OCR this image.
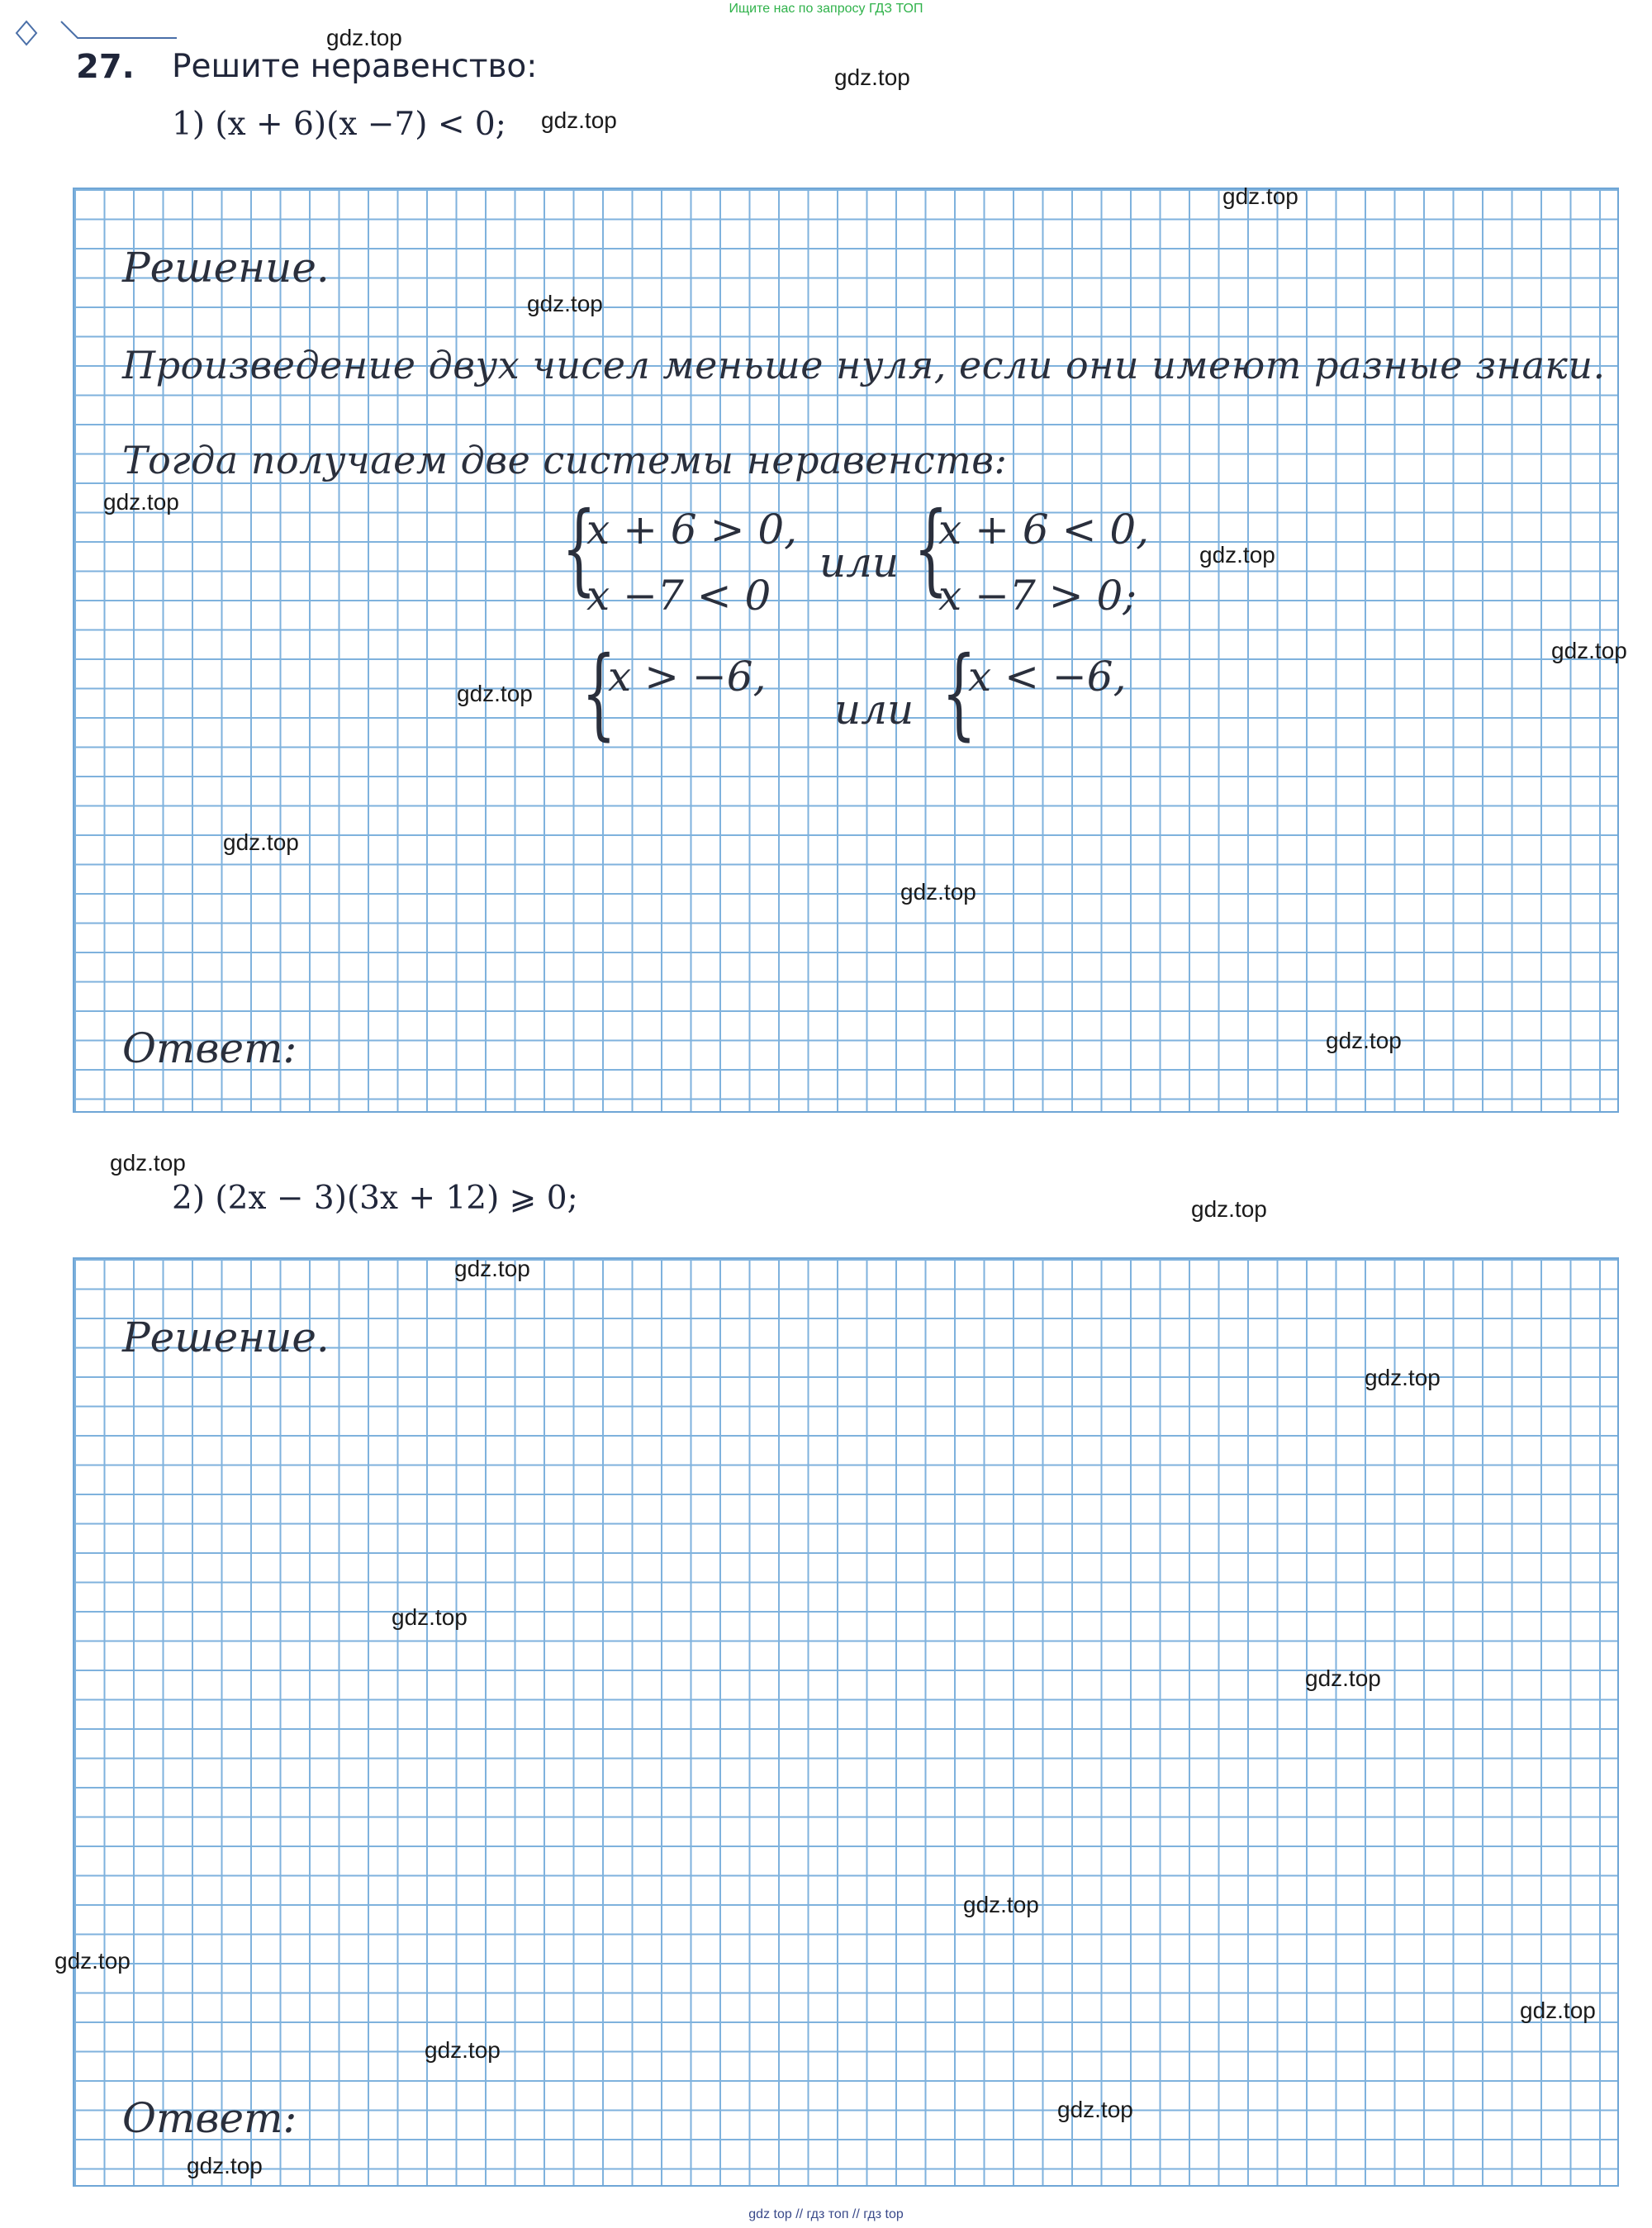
Ищите нас по запросу ГДЗ ТОП
27. Решите неравенство:
1) (x + 6)(x −7) < 0;
Решение.
Произведение двух чисел меньше нуля, если они имеют разные знаки.
Тогда получаем две системы неравенств:
{
x + 6 > 0,
x −7 < 0
или {
x + 6 < 0,
x −7 > 0;
{
x > −6,
или {
x < −6,
Ответ:
2) (2x − 3)(3x + 12) ⩾ 0;
Решение.
Ответ:
gdz.top
gdz.top
gdz.top
gdz.top
gdz.top
gdz.top
gdz.top
gdz.top
gdz.top
gdz.top
gdz.top
gdz.top
gdz.top
gdz.top
gdz.top
gdz.top
gdz.top
gdz.top
gdz.top
gdz.top
gdz.top
gdz.top
gdz.top
gdz.top
gdz top // гдз топ // гдз top
